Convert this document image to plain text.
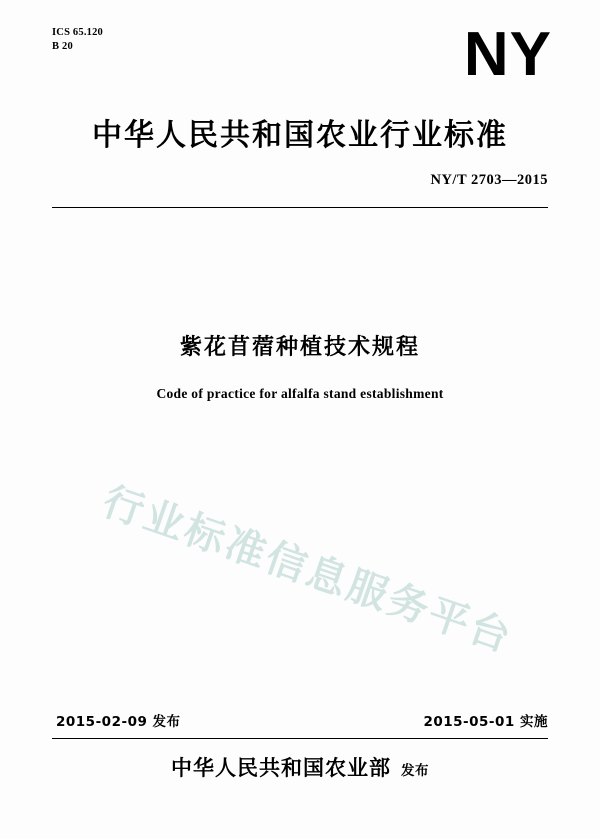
ICS 65.120
B 20	NY
中华人民共和国农业行业标准
NY/T 2703—2015
紫花苜蓿种植技术规程
Code of practice for alfalfa stand establishment
行业标准信息服务平台
2015-02-09 发布	2015-05-01 实施
中华人民共和国农业部 发布
